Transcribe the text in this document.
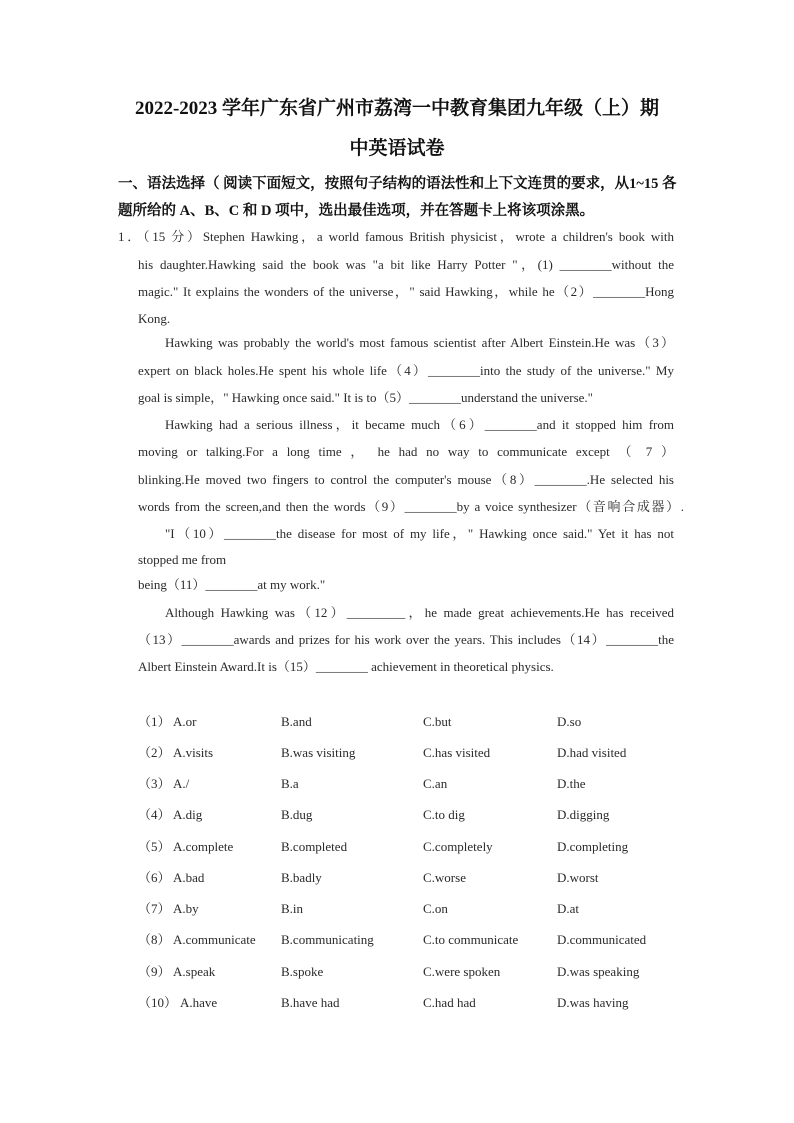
2022-2023 学年广东省广州市荔湾一中教育集团九年级（上）期
中英语试卷
一、语法选择（ 阅读下面短文，按照句子结构的语法性和上下文连贯的要求，从1~15 各
题所给的 A、B、C 和 D 项中，选出最佳选项，并在答题卡上将该项涂黑。
1．（15 分）Stephen Hawking，a world famous British physicist，wrote a children's book with
his daughter.Hawking said the book was "a bit like Harry Potter "，(1) ________without the
magic." It explains the wonders of the universe，" said Hawking，while he（2）________Hong
Kong.
Hawking was probably the world's most famous scientist after Albert Einstein.He was（3）
expert on black holes.He spent his whole life（4）________into the study of the universe." My
goal is simple，" Hawking once said." It is to（5）________understand the universe."
Hawking had a serious illness，it became much（6）________and it stopped him from
moving or talking.For a long time ， he had no way to communicate except （ 7 ）
blinking.He moved two fingers to control the computer's mouse（8）________.He selected his
words from the screen,and then the words（9）________by a voice synthesizer（音响合成器）.
"I（10）________the disease for most of my life，" Hawking once said." Yet it has not
stopped me from
being（11）________at my work."
Although Hawking was（12）_________，he made great achievements.He has received
（13）________awards and prizes for his work over the years. This includes（14）________the
Albert Einstein Award.It is（15）________ achievement in theoretical physics.
（1） A.or	B.and	C.but	D.so
（2） A.visits	B.was visiting	C.has visited	D.had visited
（3） A./	B.a	C.an	D.the
（4） A.dig	B.dug	C.to dig	D.digging
（5） A.complete	B.completed	C.completely	D.completing
（6） A.bad	B.badly	C.worse	D.worst
（7） A.by	B.in	C.on	D.at
（8） A.communicate B.communicating	C.to communicate	D.communicated
（9） A.speak	B.spoke	C.were spoken	D.was speaking
（10） A.have	B.have had	C.had had	D.was having
